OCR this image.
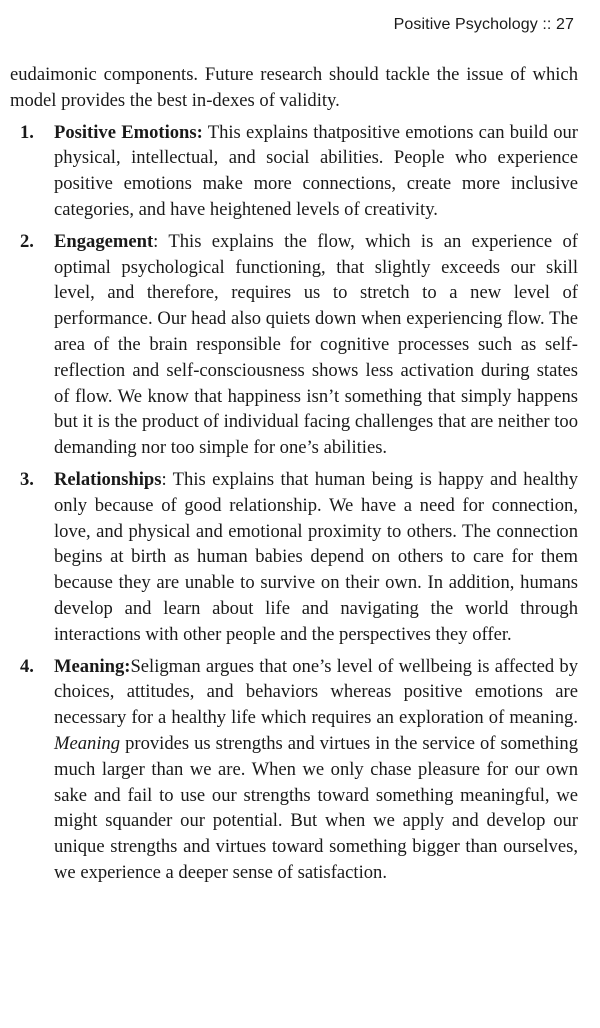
Positive Psychology :: 27

eudaimonic components. Future research should tackle the issue of which model provides the best in-dexes of validity.

1. Positive Emotions: This explains thatpositive emotions can build our physical, intellectual, and social abilities. People who experience positive emotions make more connections, create more inclusive categories, and have heightened levels of creativity.
2. Engagement: This explains the flow, which is an experience of optimal psychological functioning, that slightly exceeds our skill level, and therefore, requires us to stretch to a new level of performance. Our head also quiets down when experiencing flow. The area of the brain responsible for cognitive processes such as self-reflection and self-consciousness shows less activation during states of flow. We know that happiness isn’t something that simply happens but it is the product of individual facing challenges that are neither too demanding nor too simple for one’s abilities.
3. Relationships: This explains that human being is happy and healthy only because of good relationship. We have a need for connection, love, and physical and emotional proximity to others. The connection begins at birth as human babies depend on others to care for them because they are unable to survive on their own. In addition, humans develop and learn about life and navigating the world through interactions with other people and the perspectives they offer.
4. Meaning:Seligman argues that one’s level of wellbeing is affected by choices, attitudes, and behaviors whereas positive emotions are necessary for a healthy life which requires an exploration of meaning. Meaning provides us strengths and virtues in the service of something much larger than we are. When we only chase pleasure for our own sake and fail to use our strengths toward something meaningful, we might squander our potential. But when we apply and develop our unique strengths and virtues toward something bigger than ourselves, we experience a deeper sense of satisfaction.
